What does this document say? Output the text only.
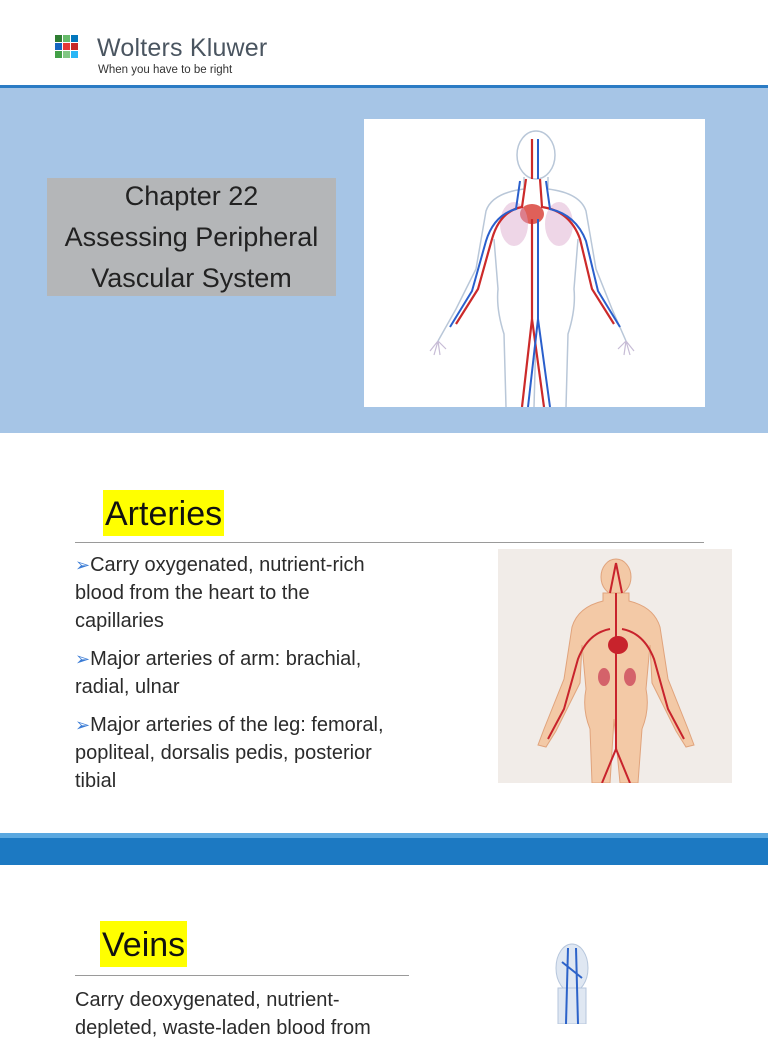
Wolters Kluwer
When you have to be right
Chapter 22
Assessing Peripheral
Vascular System
Arteries
➢Carry oxygenated, nutrient-rich
blood from the heart to the
capillaries
➢Major arteries of arm: brachial,
radial, ulnar
➢Major arteries of the leg: femoral,
popliteal, dorsalis pedis, posterior
tibial
Veins
Carry deoxygenated, nutrient-
depleted, waste-laden blood from
